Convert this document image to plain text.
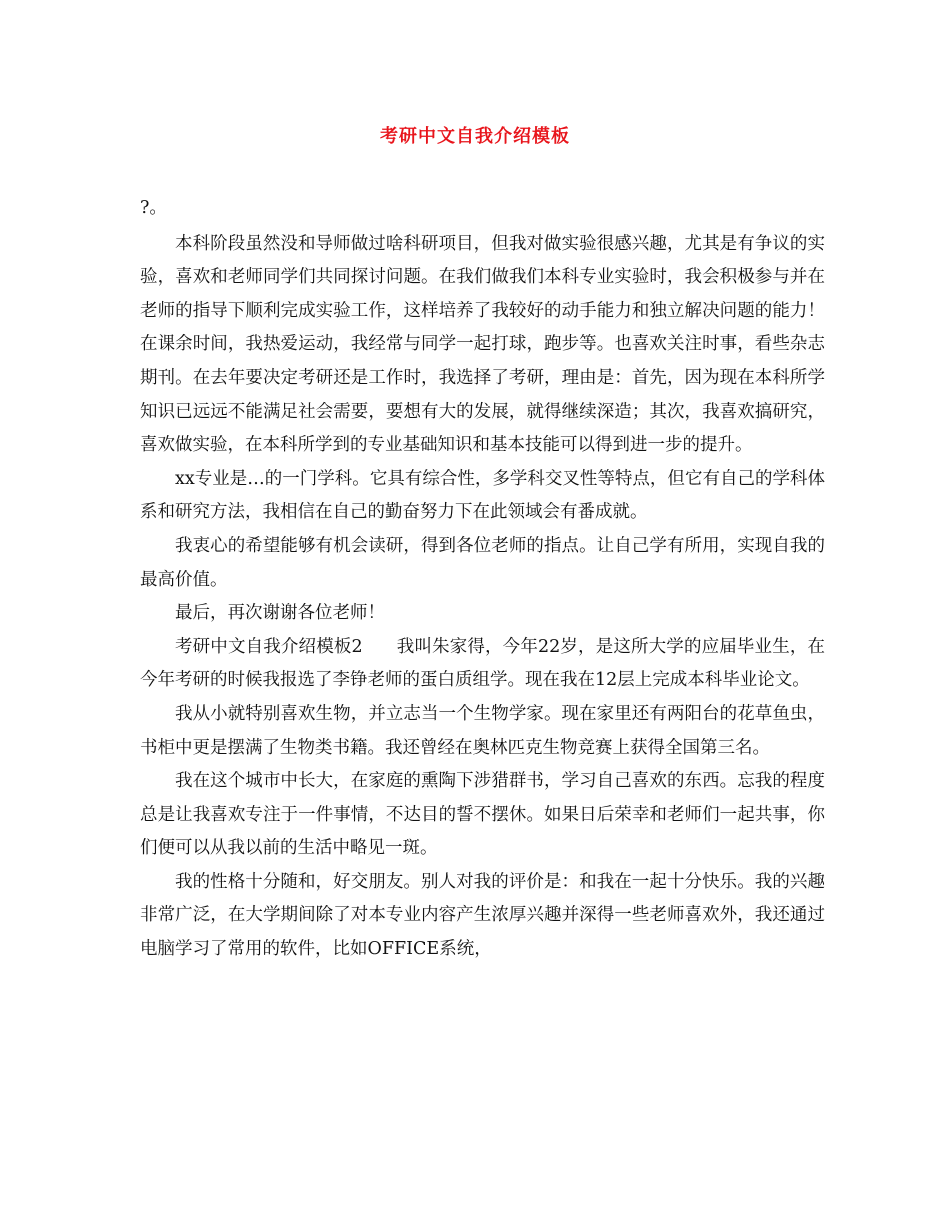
考研中文自我介绍模板

?。

本科阶段虽然没和导师做过啥科研项目，但我对做实验很感兴趣，尤其是有争议的实验，喜欢和老师同学们共同探讨问题。在我们做我们本科专业实验时，我会积极参与并在老师的指导下顺利完成实验工作，这样培养了我较好的动手能力和独立解决问题的能力！在课余时间，我热爱运动，我经常与同学一起打球，跑步等。也喜欢关注时事，看些杂志期刊。在去年要决定考研还是工作时，我选择了考研，理由是：首先，因为现在本科所学知识已远远不能满足社会需要，要想有大的发展，就得继续深造；其次，我喜欢搞研究，喜欢做实验，在本科所学到的专业基础知识和基本技能可以得到进一步的提升。

xx专业是…的一门学科。它具有综合性，多学科交叉性等特点，但它有自己的学科体系和研究方法，我相信在自己的勤奋努力下在此领域会有番成就。

我衷心的希望能够有机会读研，得到各位老师的指点。让自己学有所用，实现自我的最高价值。

最后，再次谢谢各位老师！

考研中文自我介绍模板2 我叫朱家得，今年22岁，是这所大学的应届毕业生，在今年考研的时候我报选了李铮老师的蛋白质组学。现在我在12层上完成本科毕业论文。

我从小就特别喜欢生物，并立志当一个生物学家。现在家里还有两阳台的花草鱼虫，书柜中更是摆满了生物类书籍。我还曾经在奥林匹克生物竞赛上获得全国第三名。

我在这个城市中长大，在家庭的熏陶下涉猎群书，学习自己喜欢的东西。忘我的程度总是让我喜欢专注于一件事情，不达目的誓不摆休。如果日后荣幸和老师们一起共事，你们便可以从我以前的生活中略见一斑。

我的性格十分随和，好交朋友。别人对我的评价是：和我在一起十分快乐。我的兴趣非常广泛，在大学期间除了对本专业内容产生浓厚兴趣并深得一些老师喜欢外，我还通过电脑学习了常用的软件，比如OFFICE系统，
